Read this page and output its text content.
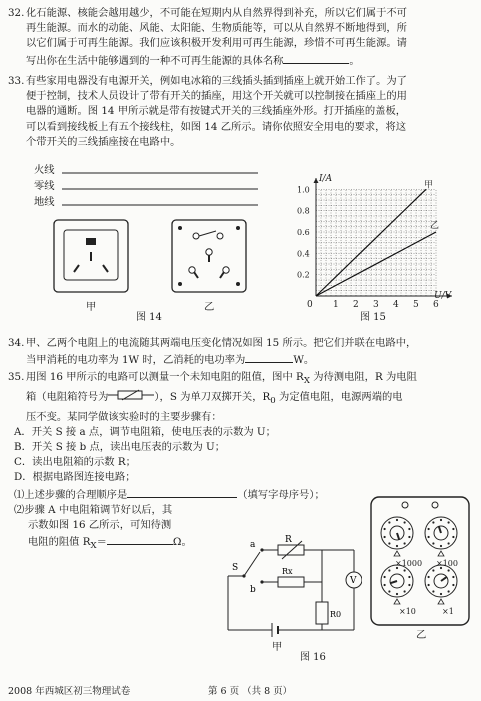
32. 化石能源、核能会越用越少，不可能在短期内从自然界得到补充，所以它们属于不可
再生能源。而水的动能、风能、太阳能、生物质能等，可以从自然界不断地得到，所
以它们属于可再生能源。我们应该积极开发利用可再生能源，珍惜不可再生能源。请
写出你在生活中能够遇到的一种不可再生能源的具体名称	。
33. 有些家用电器没有电源开关，例如电冰箱的三线插头插到插座上就开始工作了。为了
便于控制，技术人员设计了带有开关的插座，用这个开关就可以控制接在插座上的用
电器的通断。图 14 甲所示就是带有按键式开关的三线插座外形。打开插座的盖板，
可以看到接线板上有五个接线柱，如图 14 乙所示。请你依照安全用电的要求，将这
个带开关的三线插座接在电路中。
火线
零线
地线
甲	乙
图 14
0 1 2 3 4 5 6
0.2
0.4
0.6
0.8
1.0
U/V
I/A
甲
乙
图 15
34. 甲、乙两个电阻上的电流随其两端电压变化情况如图 15 所示。把它们并联在电路中，
当甲消耗的电功率为 1W 时，乙消耗的电功率为	W。
35. 用图 16 甲所示的电路可以测量一个未知电阻的阻值，图中 $R_X$ 为待测电阻，R 为电阻
箱（电阻箱符号为	），S 为单刀双掷开关，$R_0$ 为定值电阻，电源两端的电
压不变。某同学做该实验时的主要步骤有：
A．开关 S 接 a 点，调节电阻箱，使电压表的示数为 U；
B．开关 S 接 b 点，读出电压表的示数为 U；
C．读出电阻箱的示数 R；
D．根据电路图连接电路；
⑴上述步骤的合理顺序是	（填写字母序号）；
⑵步骤 A 中电阻箱调节好以后，其
示数如图 16 乙所示，可知待测
电阻的阻值 $R_X=$	Ω。	a
b
S
R
Rx
R0
V
甲
×1000 ×100
×10	×1
乙
图 16
2008 年西城区初三物理试卷	第 6 页 （共 8 页）
